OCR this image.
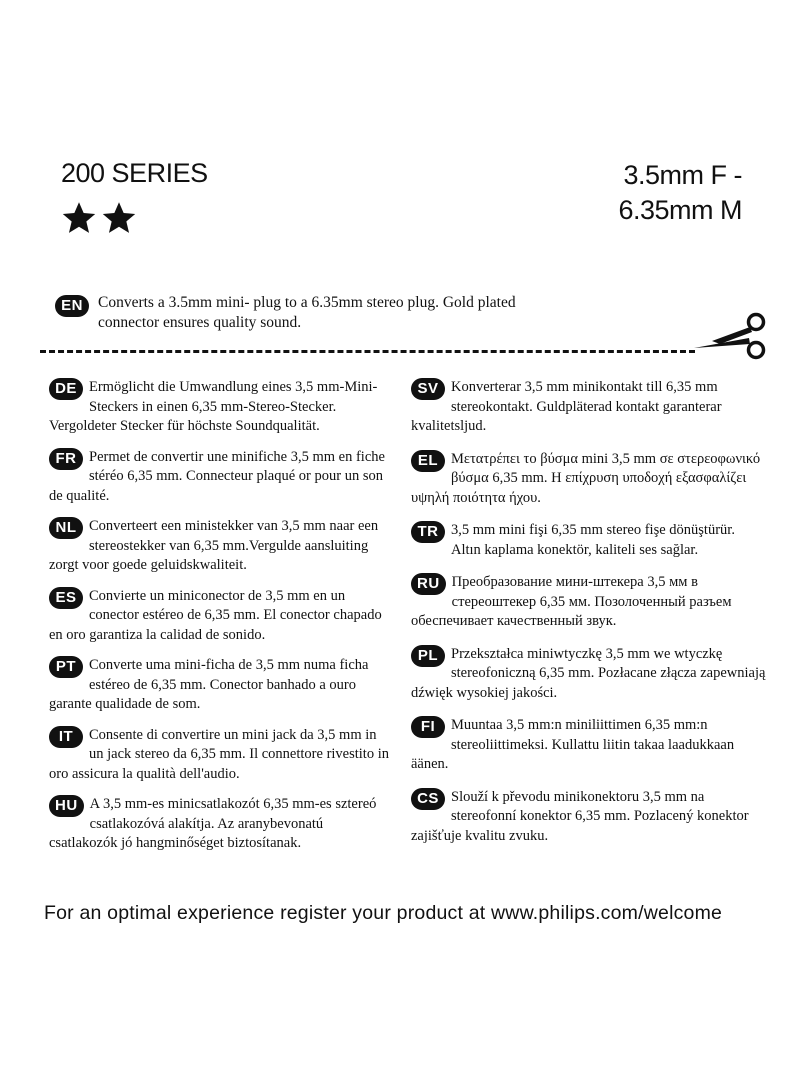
200 SERIES	3.5mm F -
6.35mm M
EN Converts a 3.5mm mini- plug to a 6.35mm stereo plug. Gold plated connector ensures quality sound.
DE Ermöglicht die Umwandlung eines 3,5 mm-Mini-Steckers in einen 6,35 mm-Stereo-Stecker. Vergoldeter Stecker für höchste Soundqualität.
FR Permet de convertir une minifiche 3,5 mm en fiche stéréo 6,35 mm. Connecteur plaqué or pour un son de qualité.
NL Converteert een ministekker van 3,5 mm naar een stereostekker van 6,35 mm.Vergulde aansluiting zorgt voor goede geluidskwaliteit.
ES Convierte un miniconector de 3,5 mm en un conector estéreo de 6,35 mm. El conector chapado en oro garantiza la calidad de sonido.
PT Converte uma mini-ficha de 3,5 mm numa ficha estéreo de 6,35 mm. Conector banhado a ouro garante qualidade de som.
IT	Consente di convertire un mini jack da 3,5 mm in un jack stereo da 6,35 mm. Il connettore rivestito in oro assicura la qualità dell'audio.
HU A 3,5 mm-es minicsatlakozót 6,35 mm-es sztereó csatlakozóvá alakítja. Az aranybevonatú csatlakozók jó hangminőséget biztosítanak.
SV Konverterar 3,5 mm minikontakt till 6,35 mm stereokontakt. Guldpläterad kontakt garanterar kvalitetsljud.
EL Μετατρέπει το βύσμα mini 3,5 mm σε στερεοφωνικό βύσμα 6,35 mm. Η επίχρυση υποδοχή εξασφαλίζει υψηλή ποιότητα ήχου.
TR 3,5 mm mini fişi 6,35 mm stereo fişe dönüştürür. Altın kaplama konektör, kaliteli ses sağlar.
RU Преобразование мини-штекера 3,5 мм в стереоштекер 6,35 мм. Позолоченный разъем обеспечивает качественный звук.
PL Przekształca miniwtyczkę 3,5 mm we wtyczkę stereofoniczną 6,35 mm. Pozłacane złącza zapewniają dźwięk wysokiej jakości.
FI	Muuntaa 3,5 mm:n miniliittimen 6,35 mm:n stereoliittimeksi. Kullattu liitin takaa laadukkaan äänen.
CS Slouží k převodu minikonektoru 3,5 mm na stereofonní konektor 6,35 mm. Pozlacený konektor zajišťuje kvalitu zvuku.
For an optimal experience register your product at www.philips.com/welcome
